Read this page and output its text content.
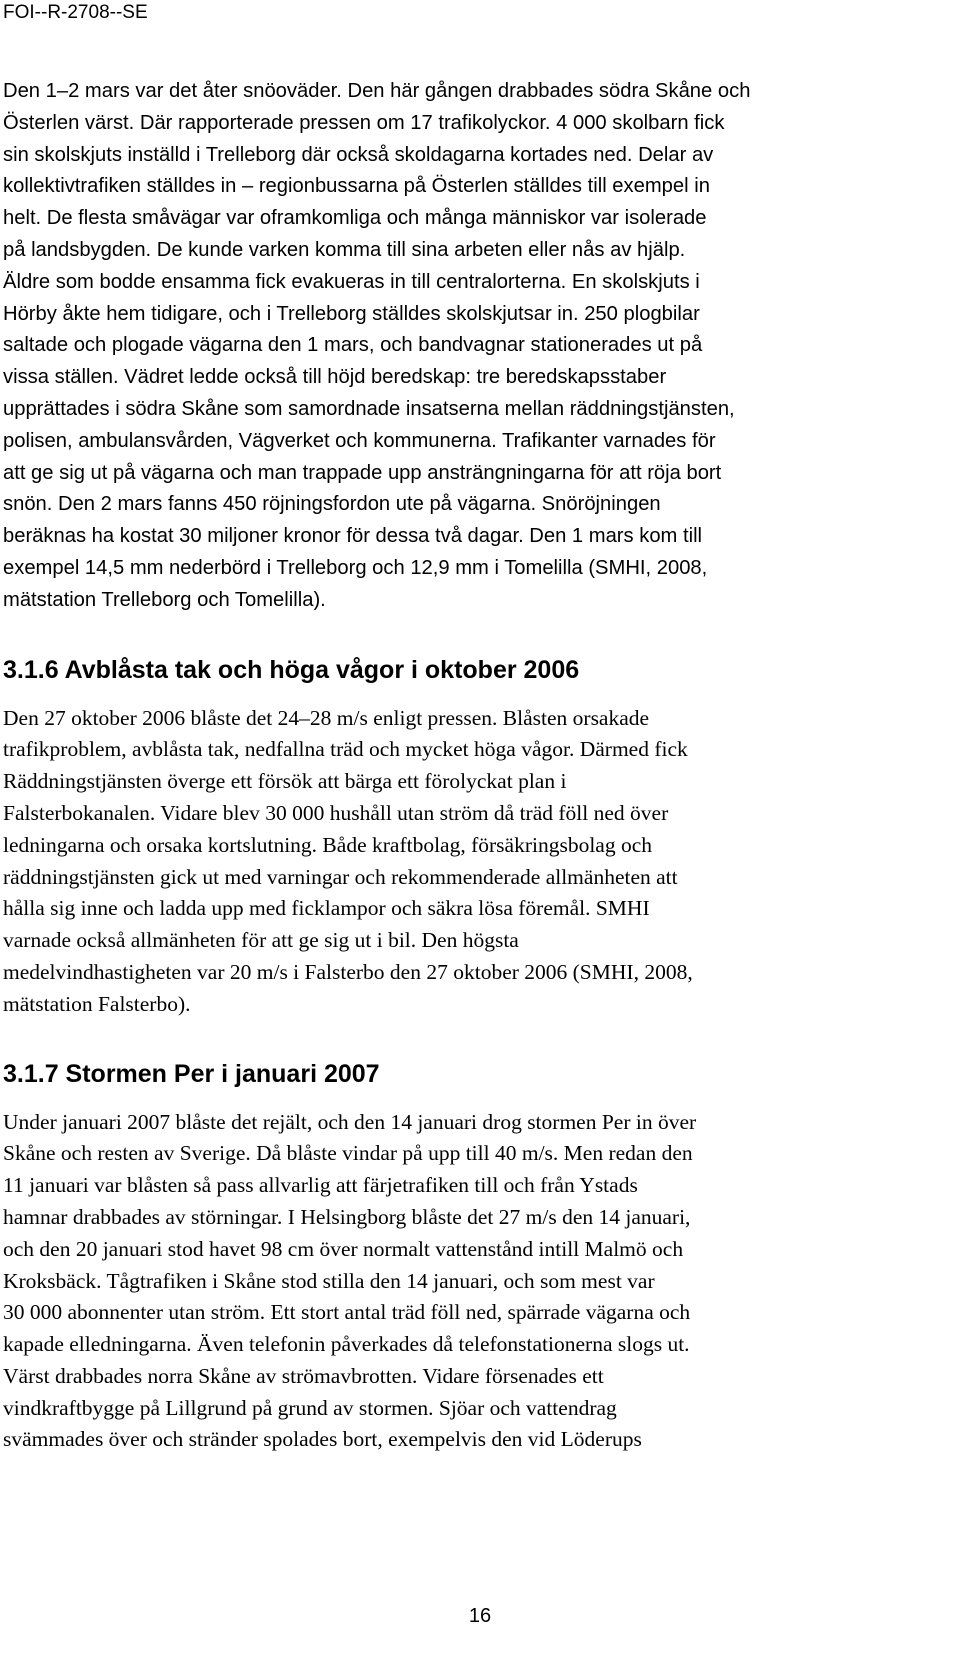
FOI--R-2708--SE

Den 1–2 mars var det åter snöoväder. Den här gången drabbades södra Skåne och
Österlen värst. Där rapporterade pressen om 17 trafikolyckor. 4 000 skolbarn fick
sin skolskjuts inställd i Trelleborg där också skoldagarna kortades ned. Delar av
kollektivtrafiken ställdes in – regionbussarna på Österlen ställdes till exempel in
helt. De flesta småvägar var oframkomliga och många människor var isolerade
på landsbygden. De kunde varken komma till sina arbeten eller nås av hjälp.
Äldre som bodde ensamma fick evakueras in till centralorterna. En skolskjuts i
Hörby åkte hem tidigare, och i Trelleborg ställdes skolskjutsar in. 250 plogbilar
saltade och plogade vägarna den 1 mars, och bandvagnar stationerades ut på
vissa ställen. Vädret ledde också till höjd beredskap: tre beredskapsstaber
upprättades i södra Skåne som samordnade insatserna mellan räddningstjänsten,
polisen, ambulansvården, Vägverket och kommunerna. Trafikanter varnades för
att ge sig ut på vägarna och man trappade upp ansträngningarna för att röja bort
snön. Den 2 mars fanns 450 röjningsfordon ute på vägarna. Snöröjningen
beräknas ha kostat 30 miljoner kronor för dessa två dagar. Den 1 mars kom till
exempel 14,5 mm nederbörd i Trelleborg och 12,9 mm i Tomelilla (SMHI, 2008,
mätstation Trelleborg och Tomelilla).

3.1.6 Avblåsta tak och höga vågor i oktober 2006

Den 27 oktober 2006 blåste det 24–28 m/s enligt pressen. Blåsten orsakade
trafikproblem, avblåsta tak, nedfallna träd och mycket höga vågor. Därmed fick
Räddningstjänsten överge ett försök att bärga ett förolyckat plan i
Falsterbokanalen. Vidare blev 30 000 hushåll utan ström då träd föll ned över
ledningarna och orsaka kortslutning. Både kraftbolag, försäkringsbolag och
räddningstjänsten gick ut med varningar och rekommenderade allmänheten att
hålla sig inne och ladda upp med ficklampor och säkra lösa föremål. SMHI
varnade också allmänheten för att ge sig ut i bil. Den högsta
medelvindhastigheten var 20 m/s i Falsterbo den 27 oktober 2006 (SMHI, 2008,
mätstation Falsterbo).

3.1.7 Stormen Per i januari 2007

Under januari 2007 blåste det rejält, och den 14 januari drog stormen Per in över
Skåne och resten av Sverige. Då blåste vindar på upp till 40 m/s. Men redan den
11 januari var blåsten så pass allvarlig att färjetrafiken till och från Ystads
hamnar drabbades av störningar. I Helsingborg blåste det 27 m/s den 14 januari,
och den 20 januari stod havet 98 cm över normalt vattenstånd intill Malmö och
Kroksbäck. Tågtrafiken i Skåne stod stilla den 14 januari, och som mest var
30 000 abonnenter utan ström. Ett stort antal träd föll ned, spärrade vägarna och
kapade elledningarna. Även telefonin påverkades då telefonstationerna slogs ut.
Värst drabbades norra Skåne av strömavbrotten. Vidare försenades ett
vindkraftbygge på Lillgrund på grund av stormen. Sjöar och vattendrag
svämmades över och stränder spolades bort, exempelvis den vid Löderups

16
